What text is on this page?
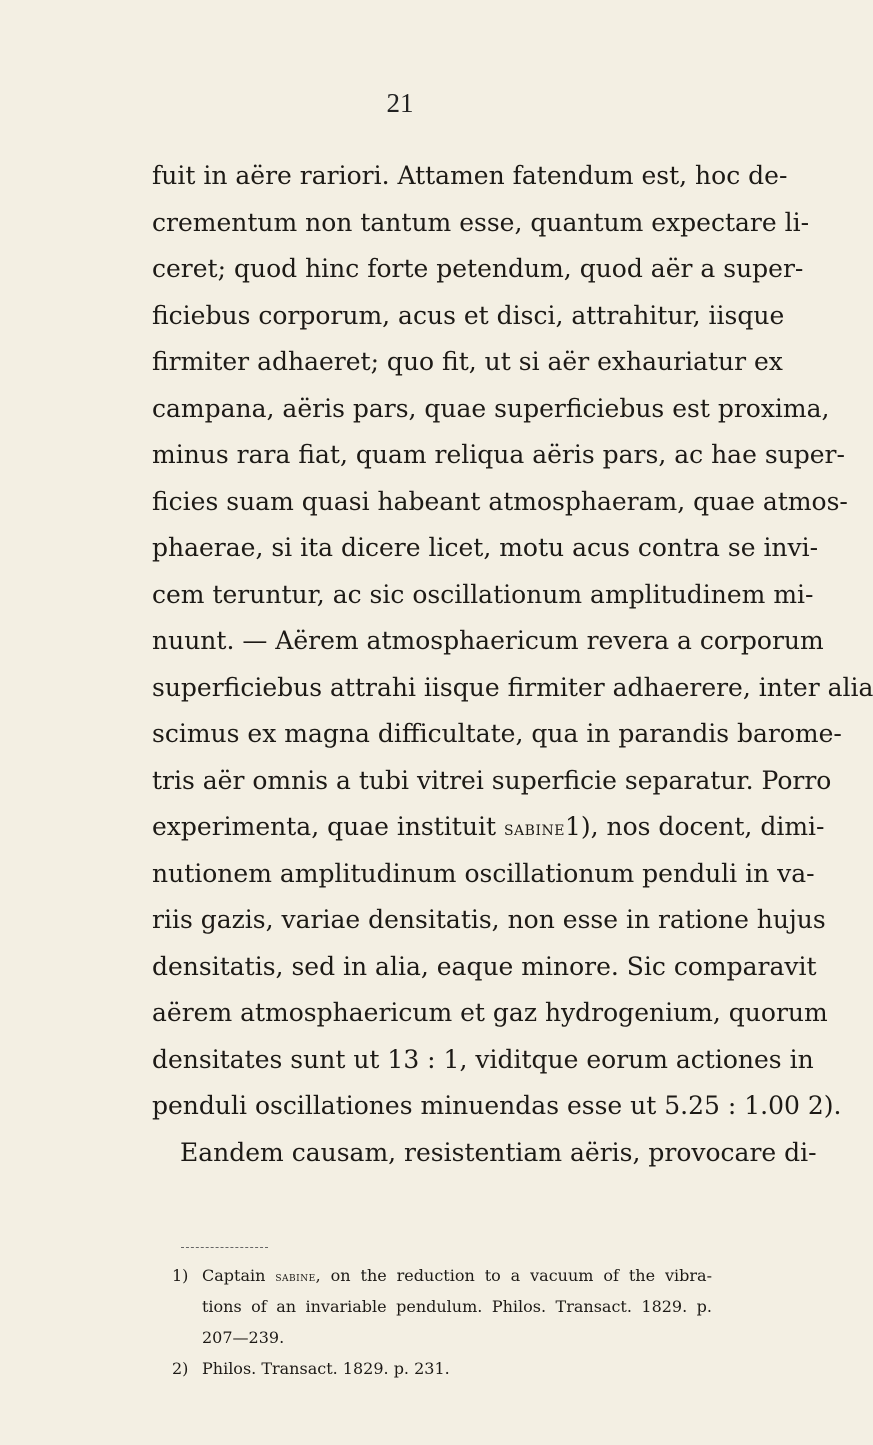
21
fuit in aëre rariori. Attamen fatendum est, hoc de-
crementum non tantum esse, quantum expectare li-
ceret; quod hinc forte petendum, quod aër a super-
ficiebus corporum, acus et disci, attrahitur, iisque
firmiter adhaeret; quo fit, ut si aër exhauriatur ex
campana, aëris pars, quae superficiebus est proxima,
minus rara fiat, quam reliqua aëris pars, ac hae super-
ficies suam quasi habeant atmosphaeram, quae atmos-
phaerae, si ita dicere licet, motu acus contra se invi-
cem teruntur, ac sic oscillationum amplitudinem mi-
nuunt. — Aërem atmosphaericum revera a corporum
superficiebus attrahi iisque firmiter adhaerere, inter alia
scimus ex magna difficultate, qua in parandis barome-
tris aër omnis a tubi vitrei superficie separatur. Porro
experimenta, quae instituit sabine1), nos docent, dimi-
nutionem amplitudinum oscillationum penduli in va-
riis gazis, variae densitatis, non esse in ratione hujus
densitatis, sed in alia, eaque minore. Sic comparavit
aërem atmosphaericum et gaz hydrogenium, quorum
densitates sunt ut 13 : 1, viditque eorum actiones in
penduli oscillationes minuendas esse ut 5.25 : 1.00 2).
Eandem causam, resistentiam aëris, provocare di-
1) Captain sabine, on the reduction to a vacuum of the vibra-
tions of an invariable pendulum. Philos. Transact. 1829. p.
207—239.
2) Philos. Transact. 1829. p. 231.
